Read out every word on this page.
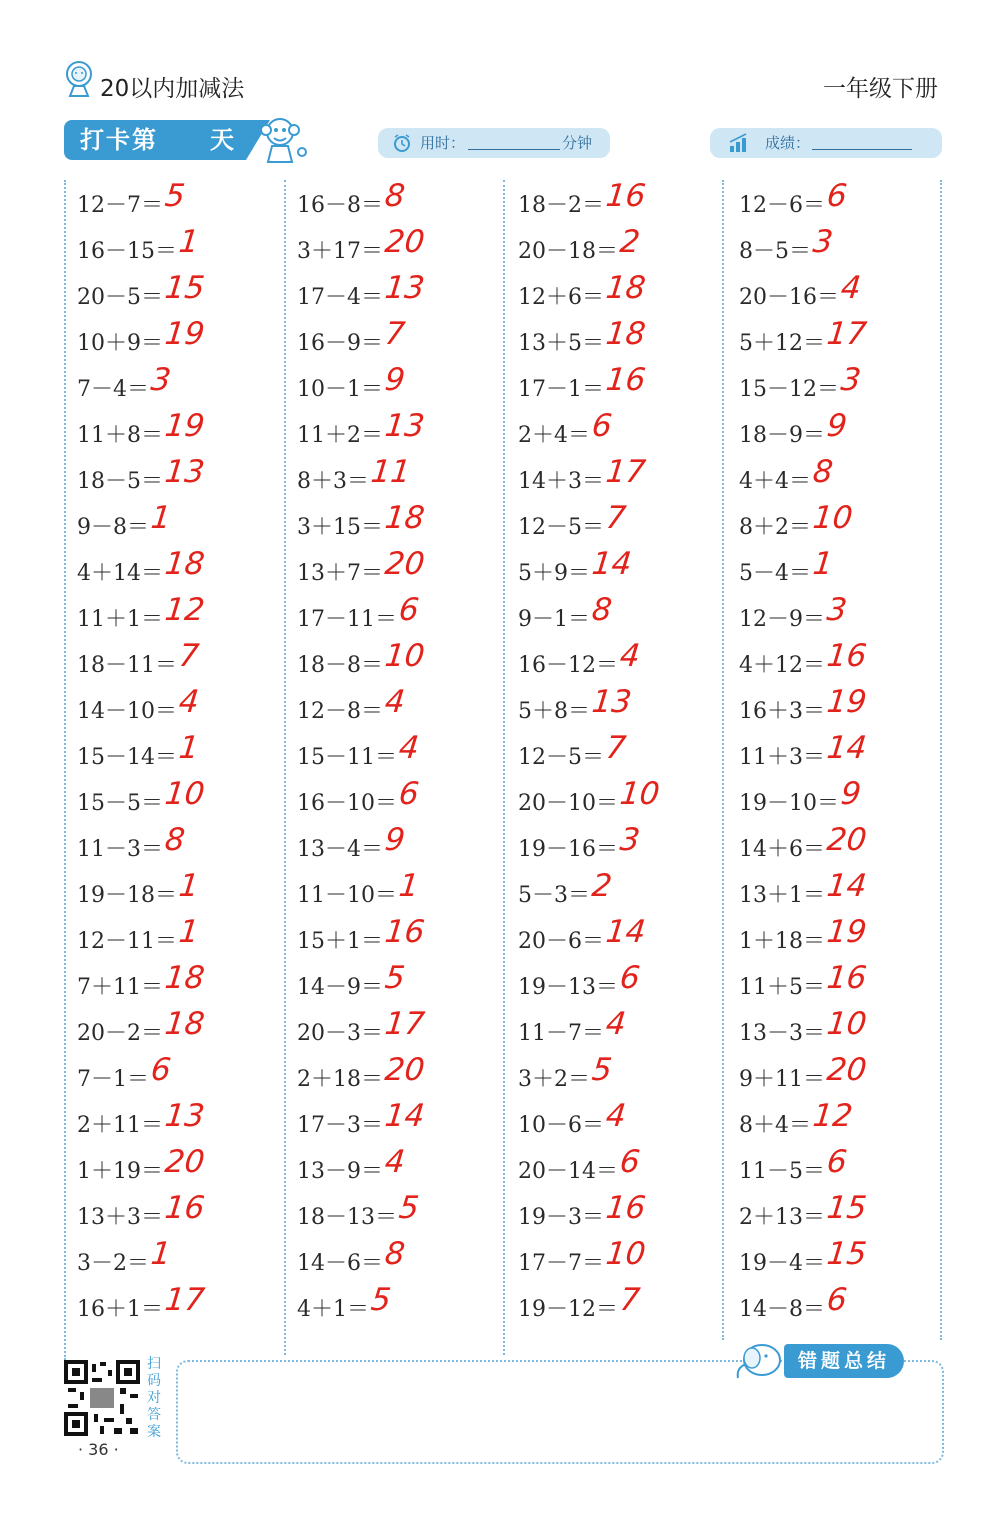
20以内加减法	一年级下册
打卡第 天	用时：	分钟	成绩：
12－7＝ 5
16－15＝ 1
20－5＝ 15
10＋9＝ 19
7－4＝ 3
11＋8＝ 19
18－5＝ 13
9－8＝ 1
4＋14＝ 18
11＋1＝ 12
18－11＝ 7
14－10＝ 4
15－14＝ 1
15－5＝ 10
11－3＝ 8
19－18＝ 1
12－11＝ 1
7＋11＝ 18
20－2＝ 18
7－1＝ 6
2＋11＝ 13
1＋19＝ 20
13＋3＝ 16
3－2＝ 1
16＋1＝ 17
16－8＝ 8
3＋17＝ 20
17－4＝ 13
16－9＝ 7
10－1＝ 9
11＋2＝ 13
8＋3＝ 11
3＋15＝ 18
13＋7＝ 20
17－11＝ 6
18－8＝ 10
12－8＝ 4
15－11＝ 4
16－10＝ 6
13－4＝ 9
11－10＝ 1
15＋1＝ 16
14－9＝ 5
20－3＝ 17
2＋18＝ 20
17－3＝ 14
13－9＝ 4
18－13＝ 5
14－6＝ 8
4＋1＝ 5
18－2＝ 16
20－18＝ 2
12＋6＝ 18
13＋5＝ 18
17－1＝ 16
2＋4＝ 6
14＋3＝ 17
12－5＝ 7
5＋9＝ 14
9－1＝ 8
16－12＝ 4
5＋8＝ 13
12－5＝ 7
20－10＝ 10
19－16＝ 3
5－3＝ 2
20－6＝ 14
19－13＝ 6
11－7＝ 4
3＋2＝ 5
10－6＝ 4
20－14＝ 6
19－3＝ 16
17－7＝ 10
19－12＝ 7
12－6＝ 6
8－5＝ 3
20－16＝ 4
5＋12＝ 17
15－12＝ 3
18－9＝ 9
4＋4＝ 8
8＋2＝ 10
5－4＝ 1
12－9＝ 3
4＋12＝ 16
16＋3＝ 19
11＋3＝ 14
19－10＝ 9
14＋6＝ 20
13＋1＝ 14
1＋18＝ 19
11＋5＝ 16
13－3＝ 10
9＋11＝ 20
8＋4＝ 12
11－5＝ 6
2＋13＝ 15
19－4＝ 15
14－8＝ 6
扫码对答案
· 36 ·
错题总结
